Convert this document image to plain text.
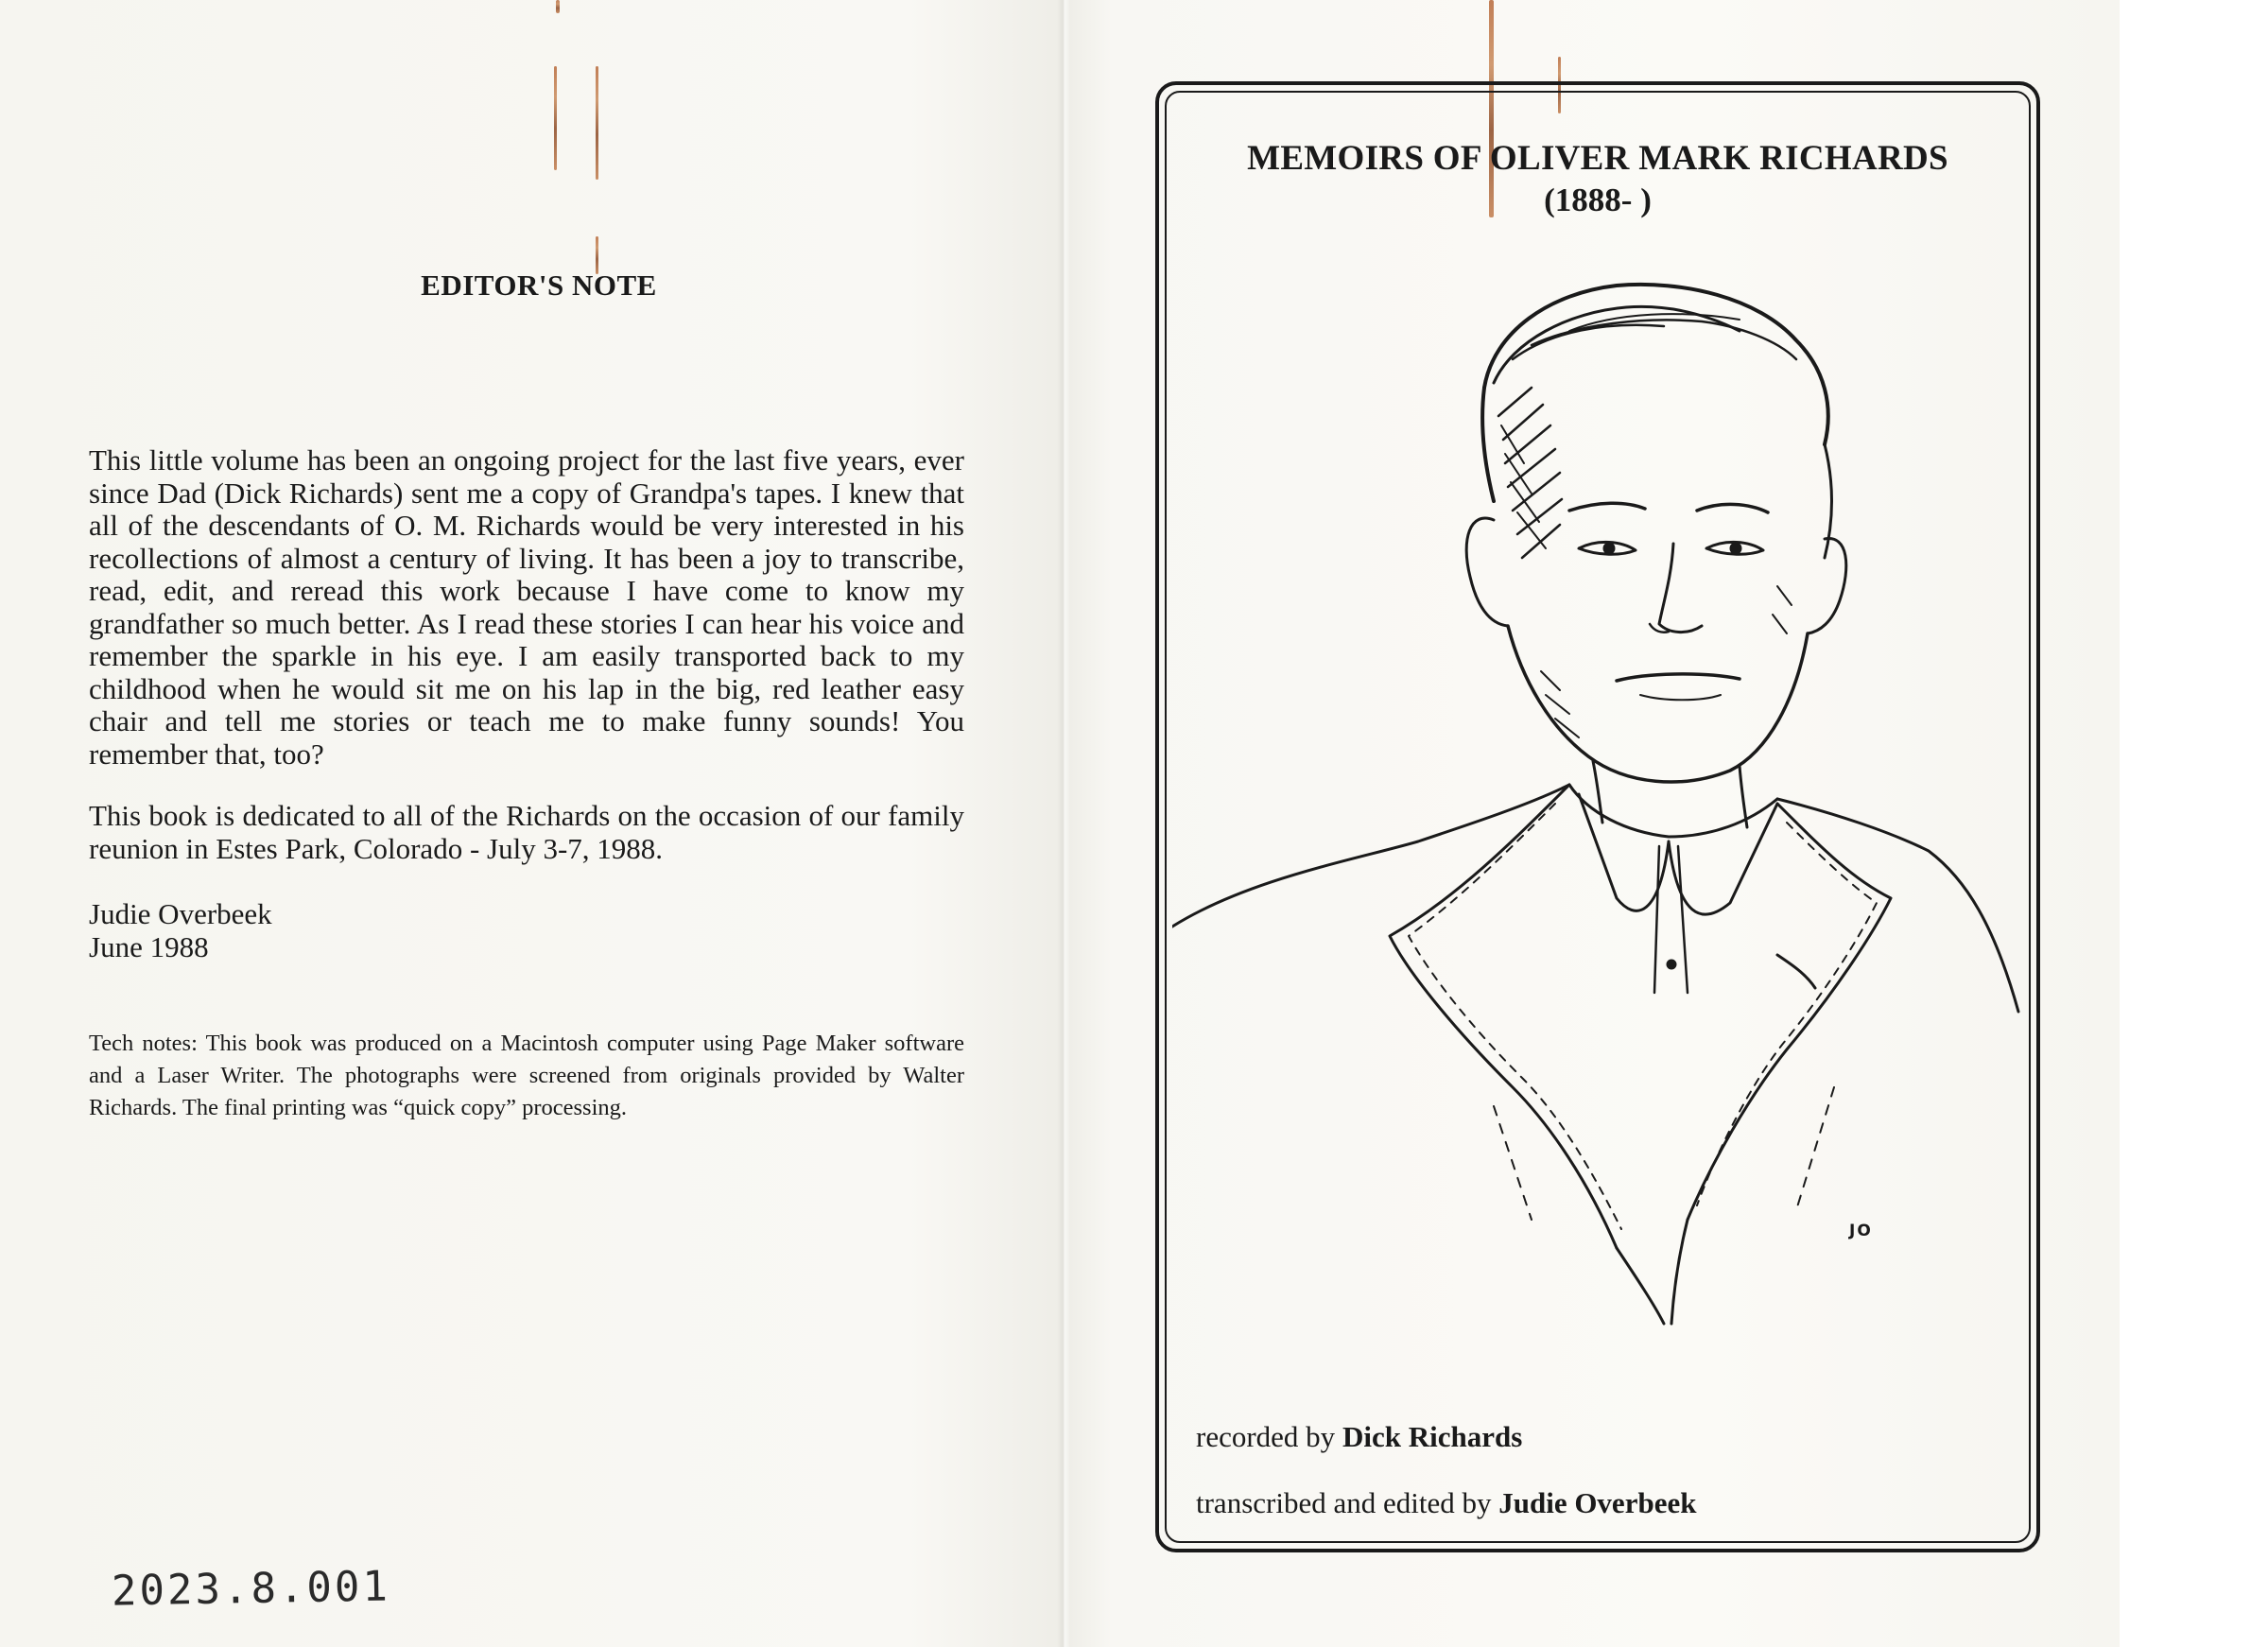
EDITOR'S NOTE
This little volume has been an ongoing project for the last five years, ever since Dad (Dick Richards) sent me a copy of Grandpa's tapes. I knew that all of the descendants of O. M. Richards would be very interested in his recollections of almost a century of living. It has been a joy to transcribe, read, edit, and reread this work because I have come to know my grandfather so much better. As I read these stories I can hear his voice and remember the sparkle in his eye. I am easily transported back to my childhood when he would sit me on his lap in the big, red leather easy chair and tell me stories or teach me to make funny sounds! You remember that, too?
This book is dedicated to all of the Richards on the occasion of our family reunion in Estes Park, Colorado - July 3-7, 1988.
Judie Overbeek
June 1988
Tech notes: This book was produced on a Macintosh computer using Page Maker software and a Laser Writer. The photographs were screened from originals provided by Walter Richards. The final printing was “quick copy” processing.
2023.8.001
MEMOIRS OF OLIVER MARK RICHARDS
(1888- )
JO
recorded by Dick Richards
transcribed and edited by Judie Overbeek
